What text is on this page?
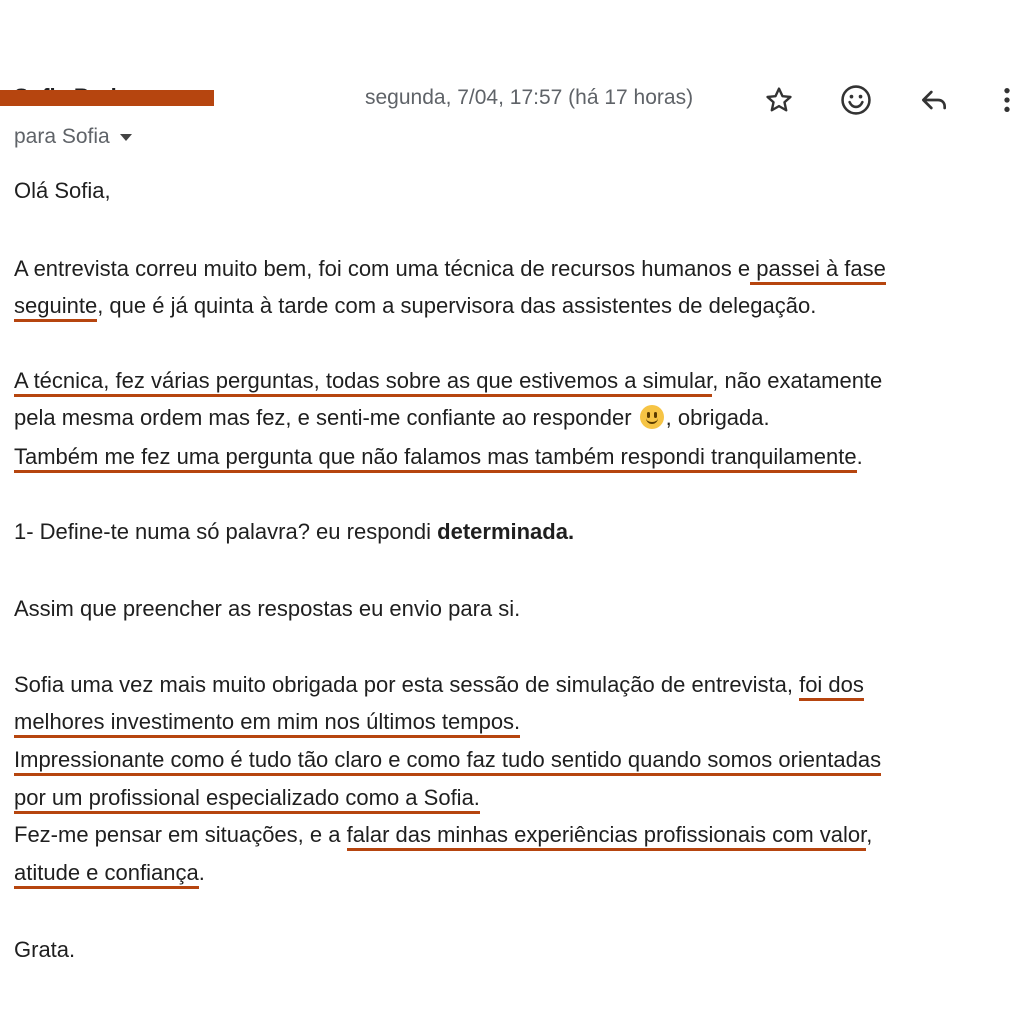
segunda, 7/04, 17:57 (há 17 horas)
para Sofia
Olá Sofia,
A entrevista correu muito bem, foi com uma técnica de recursos humanos e passei à fase
seguinte, que é já quinta à tarde com a supervisora das assistentes de delegação.
A técnica, fez várias perguntas, todas sobre as que estivemos a simular, não exatamente
pela mesma ordem mas fez, e senti-me confiante ao responder , obrigada.
Também me fez uma pergunta que não falamos mas também respondi tranquilamente.
1- Define-te numa só palavra? eu respondi determinada.
Assim que preencher as respostas eu envio para si.
Sofia uma vez mais muito obrigada por esta sessão de simulação de entrevista, foi dos
melhores investimento em mim nos últimos tempos.
Impressionante como é tudo tão claro e como faz tudo sentido quando somos orientadas
por um profissional especializado como a Sofia.
Fez-me pensar em situações, e a falar das minhas experiências profissionais com valor,
atitude e confiança.
Grata.
